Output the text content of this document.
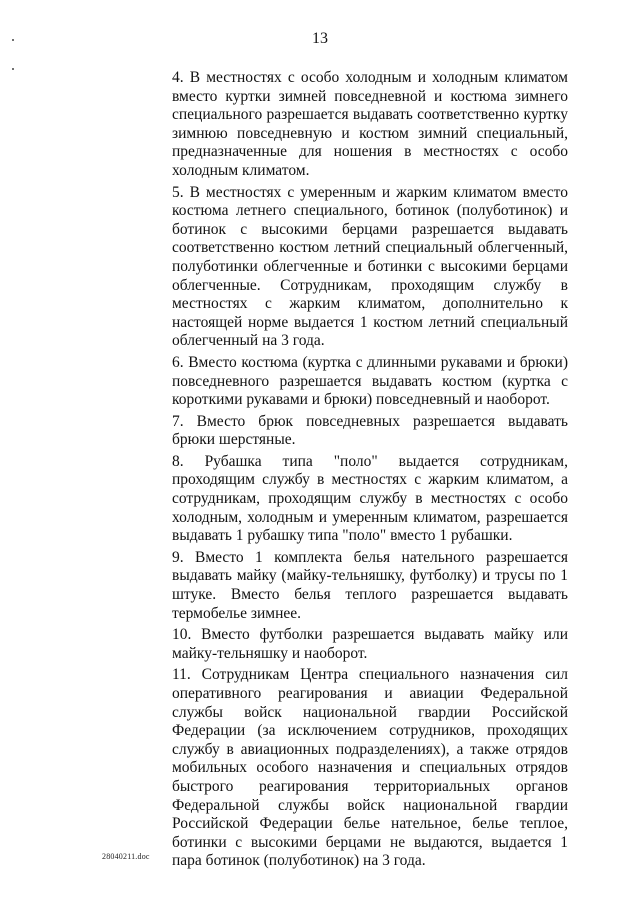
13

4. В местностях с особо холодным и холодным климатом вместо куртки зимней повседневной и костюма зимнего специального разрешается выдавать соответственно куртку зимнюю повседневную и костюм зимний специальный, предназначенные для ношения в местностях с особо холодным климатом.

5. В местностях с умеренным и жарким климатом вместо костюма летнего специального, ботинок (полуботинок) и ботинок с высокими берцами разрешается выдавать соответственно костюм летний специальный облегченный, полуботинки облегченные и ботинки с высокими берцами облегченные. Сотрудникам, проходящим службу в местностях с жарким климатом, дополнительно к настоящей норме выдается 1 костюм летний специальный облегченный на 3 года.

6. Вместо костюма (куртка с длинными рукавами и брюки) повседневного разрешается выдавать костюм (куртка с короткими рукавами и брюки) повседневный и наоборот.

7. Вместо брюк повседневных разрешается выдавать брюки шерстяные.

8. Рубашка типа "поло" выдается сотрудникам, проходящим службу в местностях с жарким климатом, а сотрудникам, проходящим службу в местностях с особо холодным, холодным и умеренным климатом, разрешается выдавать 1 рубашку типа "поло" вместо 1 рубашки.

9. Вместо 1 комплекта белья нательного разрешается выдавать майку (майку-тельняшку, футболку) и трусы по 1 штуке. Вместо белья теплого разрешается выдавать термобелье зимнее.

10. Вместо футболки разрешается выдавать майку или майку-тельняшку и наоборот.

11. Сотрудникам Центра специального назначения сил оперативного реагирования и авиации Федеральной службы войск национальной гвардии Российской Федерации (за исключением сотрудников, проходящих службу в авиационных подразделениях), а также отрядов мобильных особого назначения и специальных отрядов быстрого реагирования территориальных органов Федеральной службы войск национальной гвардии Российской Федерации белье нательное, белье теплое, ботинки с высокими берцами не выдаются, выдается 1 пара ботинок (полуботинок) на 3 года.

28040211.doc
